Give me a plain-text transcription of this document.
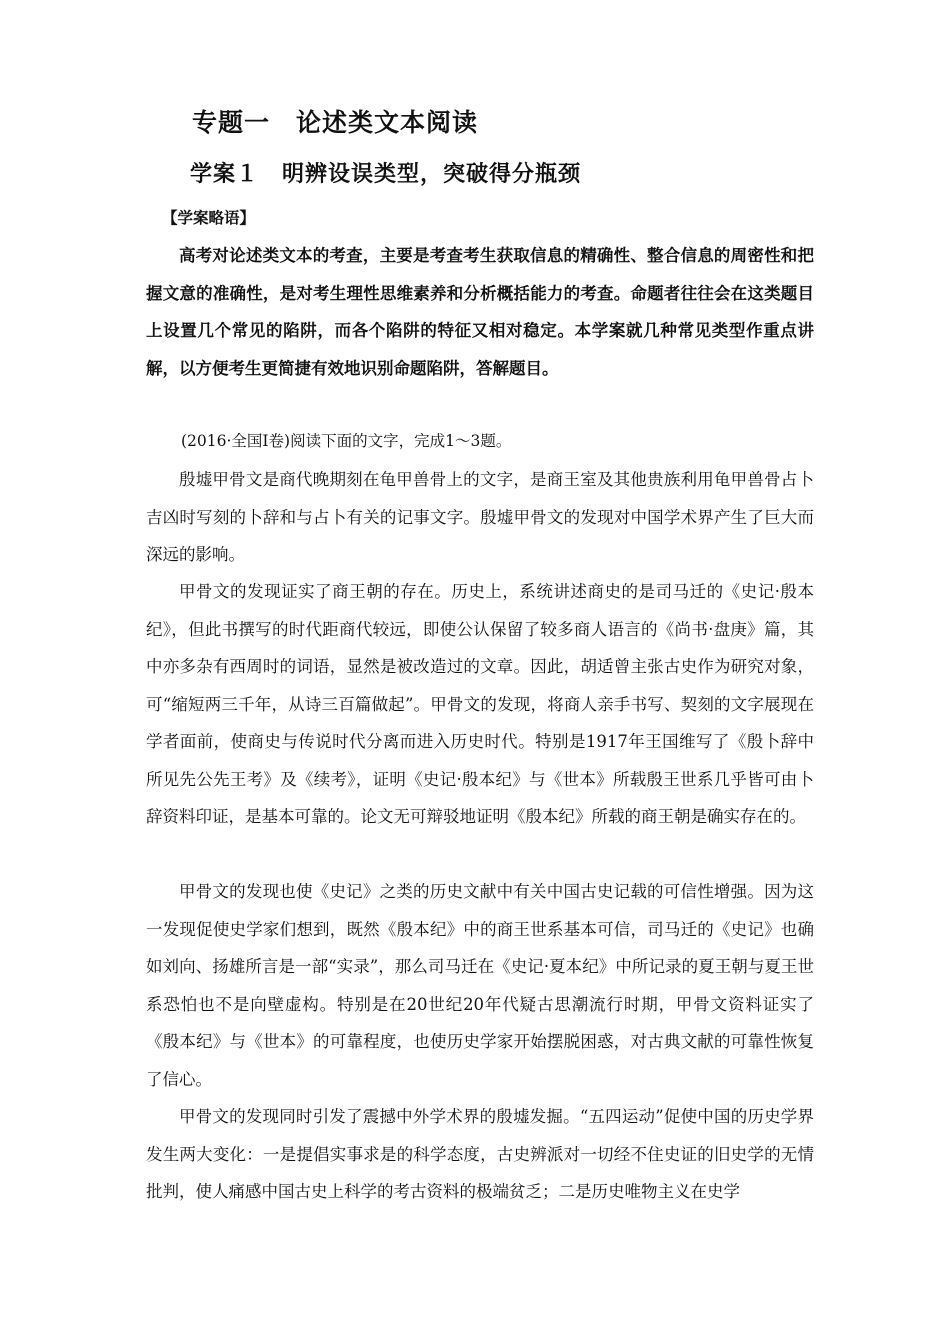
专题一　论述类文本阅读
学案１　明辨设误类型，突破得分瓶颈
【学案略语】

高考对论述类文本的考查，主要是考查考生获取信息的精确性、整合信息的周密性和把握文意的准确性，是对考生理性思维素养和分析概括能力的考查。命题者往往会在这类题目上设置几个常见的陷阱，而各个陷阱的特征又相对稳定。本学案就几种常见类型作重点讲解，以方便考生更简捷有效地识别命题陷阱，答解题目。

(2016·全国Ⅰ卷)阅读下面的文字，完成1～3题。

殷墟甲骨文是商代晚期刻在龟甲兽骨上的文字，是商王室及其他贵族利用龟甲兽骨占卜吉凶时写刻的卜辞和与占卜有关的记事文字。殷墟甲骨文的发现对中国学术界产生了巨大而深远的影响。

甲骨文的发现证实了商王朝的存在。历史上，系统讲述商史的是司马迁的《史记·殷本纪》，但此书撰写的时代距商代较远，即使公认保留了较多商人语言的《尚书·盘庚》篇，其中亦多杂有西周时的词语，显然是被改造过的文章。因此，胡适曾主张古史作为研究对象，可“缩短两三千年，从诗三百篇做起”。甲骨文的发现，将商人亲手书写、契刻的文字展现在学者面前，使商史与传说时代分离而进入历史时代。特别是1917年王国维写了《殷卜辞中所见先公先王考》及《续考》，证明《史记·殷本纪》与《世本》所载殷王世系几乎皆可由卜辞资料印证，是基本可靠的。论文无可辩驳地证明《殷本纪》所载的商王朝是确实存在的。

甲骨文的发现也使《史记》之类的历史文献中有关中国古史记载的可信性增强。因为这一发现促使史学家们想到，既然《殷本纪》中的商王世系基本可信，司马迁的《史记》也确如刘向、扬雄所言是一部“实录”，那么司马迁在《史记·夏本纪》中所记录的夏王朝与夏王世系恐怕也不是向壁虚构。特别是在20世纪20年代疑古思潮流行时期，甲骨文资料证实了《殷本纪》与《世本》的可靠程度，也使历史学家开始摆脱困惑，对古典文献的可靠性恢复了信心。

甲骨文的发现同时引发了震撼中外学术界的殷墟发掘。“五四运动”促使中国的历史学界发生两大变化：一是提倡实事求是的科学态度，古史辨派对一切经不住史证的旧史学的无情批判，使人痛感中国古史上科学的考古资料的极端贫乏；二是历史唯物主义在史学
